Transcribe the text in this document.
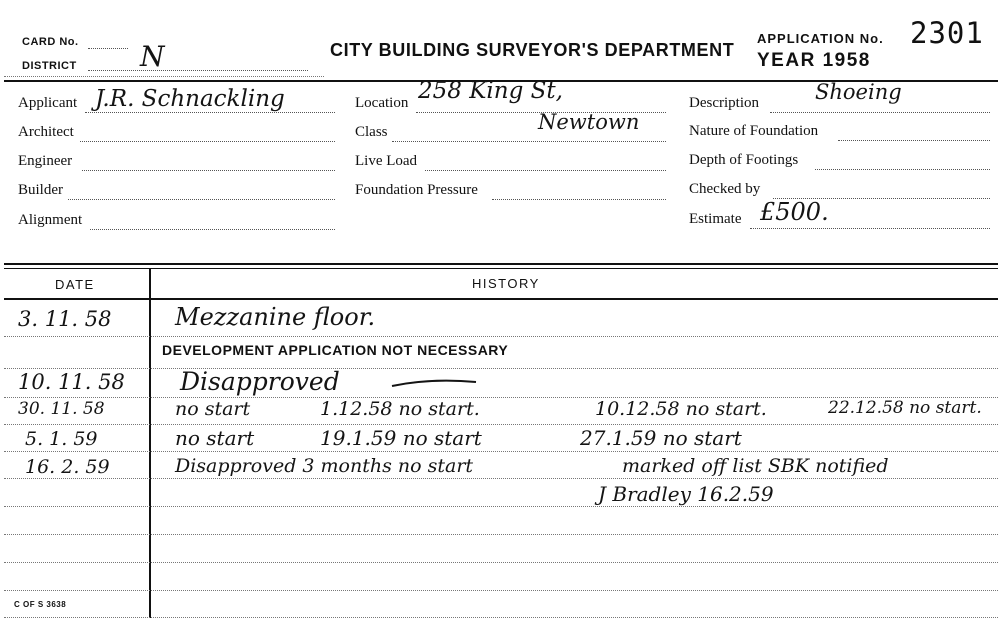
CARD No.
DISTRICT N	CITY BUILDING SURVEYOR'S DEPARTMENT
APPLICATION No. 2301
YEAR 1958
Applicant J.R. Schnackling
Architect
Engineer
Builder
Alignment
Location 258 King St,
Newtown
Class
Live Load
Foundation Pressure
Description	Shoeing
Nature of Foundation
Depth of Footings
Checked by
Estimate £500.
DATE	HISTORY
3. 11. 58	Mezzanine floor.
DEVELOPMENT APPLICATION NOT NECESSARY
10. 11. 58 Disapproved
30. 11. 58	no start	1.12.58 no start.	10.12.58 no start.	22.12.58 no start.
5. 1. 59	no start	19.1.59 no start	27.1.59 no start
16. 2. 59	Disapproved 3 months no start	marked off list SBK notified
J Bradley 16.2.59
C OF S 3638
